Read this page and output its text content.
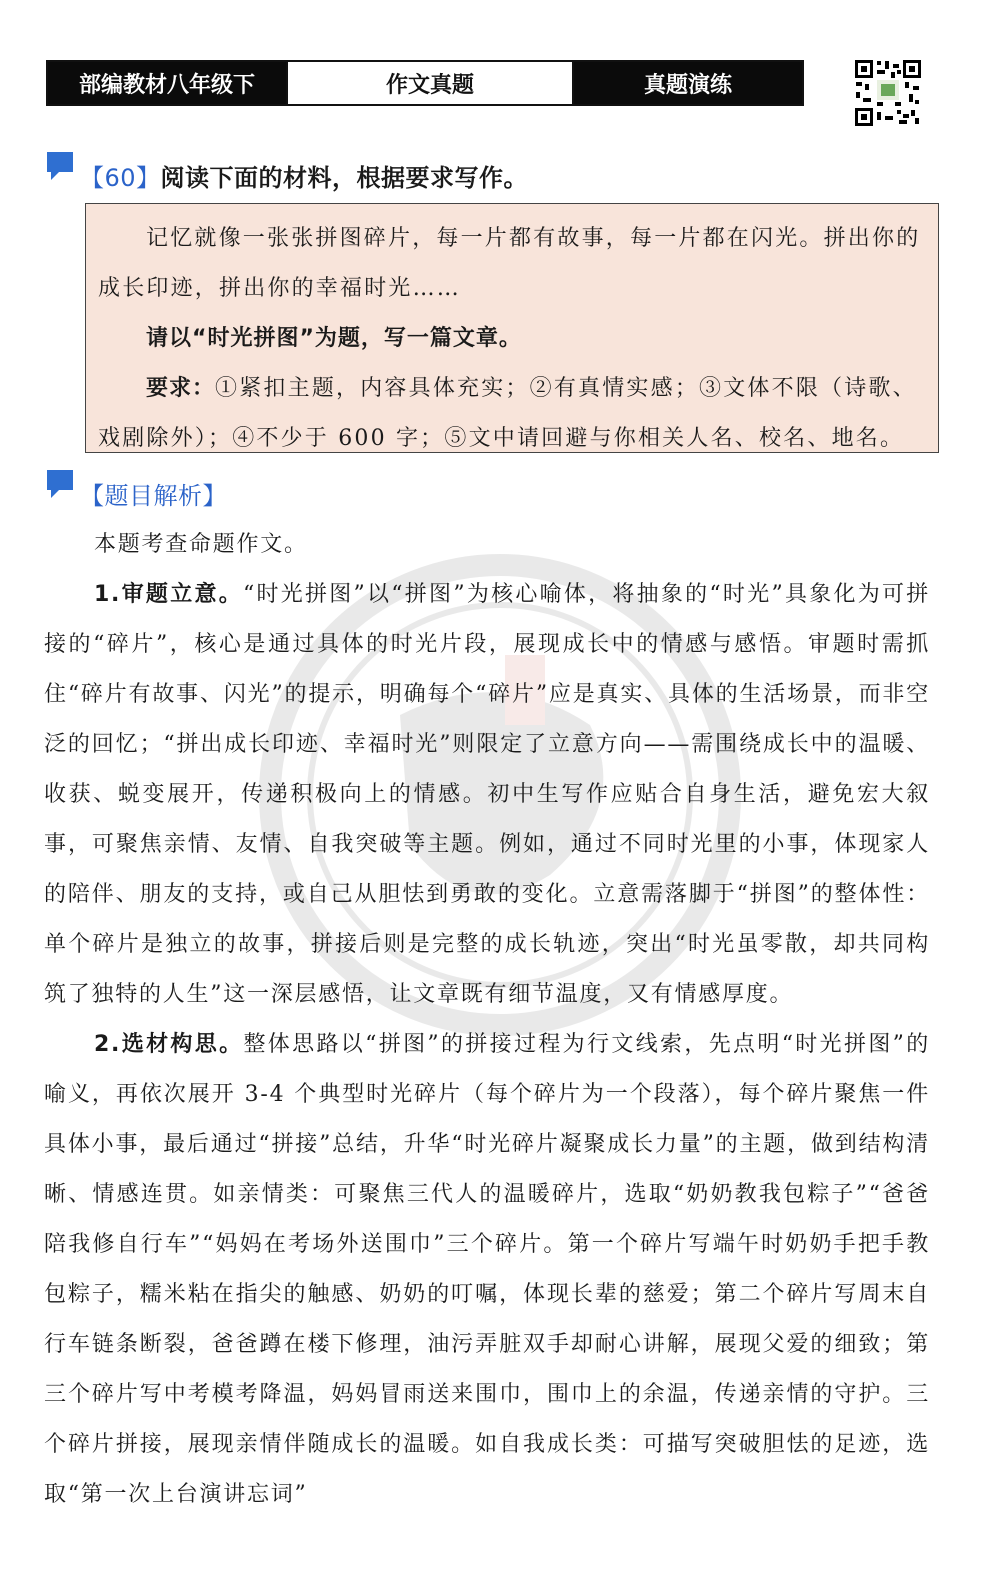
部编教材八年级下	作文真题	真题演练
【60】阅读下面的材料，根据要求写作。

记忆就像一张张拼图碎片，每一片都有故事，每一片都在闪光。拼出你的成长印迹，拼出你的幸福时光……

请以“时光拼图”为题，写一篇文章。

要求：①紧扣主题，内容具体充实；②有真情实感；③文体不限（诗歌、戏剧除外）；④不少于 600 字；⑤文中请回避与你相关人名、校名、地名。

【题目解析】

本题考查命题作文。

1.审题立意。“时光拼图”以“拼图”为核心喻体，将抽象的“时光”具象化为可拼接的“碎片”，核心是通过具体的时光片段，展现成长中的情感与感悟。审题时需抓住“碎片有故事、闪光”的提示，明确每个“碎片”应是真实、具体的生活场景，而非空泛的回忆；“拼出成长印迹、幸福时光”则限定了立意方向——需围绕成长中的温暖、收获、蜕变展开，传递积极向上的情感。初中生写作应贴合自身生活，避免宏大叙事，可聚焦亲情、友情、自我突破等主题。例如，通过不同时光里的小事，体现家人的陪伴、朋友的支持，或自己从胆怯到勇敢的变化。立意需落脚于“拼图”的整体性：单个碎片是独立的故事，拼接后则是完整的成长轨迹，突出“时光虽零散，却共同构筑了独特的人生”这一深层感悟，让文章既有细节温度，又有情感厚度。

2.选材构思。整体思路以“拼图”的拼接过程为行文线索，先点明“时光拼图”的喻义，再依次展开 3-4 个典型时光碎片（每个碎片为一个段落），每个碎片聚焦一件具体小事，最后通过“拼接”总结，升华“时光碎片凝聚成长力量”的主题，做到结构清晰、情感连贯。如亲情类：可聚焦三代人的温暖碎片，选取“奶奶教我包粽子”“爸爸陪我修自行车”“妈妈在考场外送围巾”三个碎片。第一个碎片写端午时奶奶手把手教包粽子，糯米粘在指尖的触感、奶奶的叮嘱，体现长辈的慈爱；第二个碎片写周末自行车链条断裂，爸爸蹲在楼下修理，油污弄脏双手却耐心讲解，展现父爱的细致；第三个碎片写中考模考降温，妈妈冒雨送来围巾，围巾上的余温，传递亲情的守护。三个碎片拼接，展现亲情伴随成长的温暖。如自我成长类：可描写突破胆怯的足迹，选取“第一次上台演讲忘词”
